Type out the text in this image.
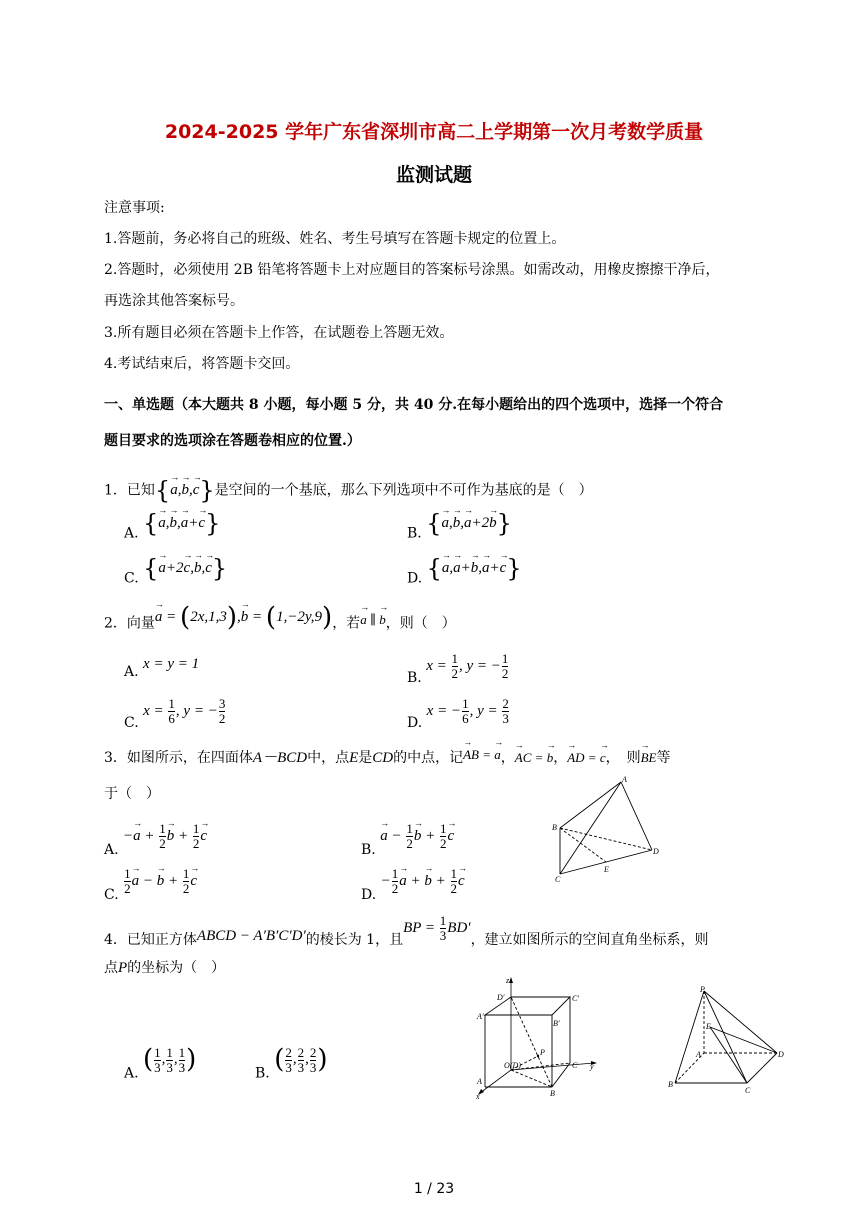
2024-2025 学年广东省深圳市高二上学期第一次月考数学质量
监测试题
注意事项:
1.答题前，务必将自己的班级、姓名、考生号填写在答题卡规定的位置上。
2.答题时，必须使用 2B 铅笔将答题卡上对应题目的答案标号涂黑。如需改动，用橡皮擦擦干净后，
再选涂其他答案标号。
3.所有题目必须在答题卡上作答，在试题卷上答题无效。
4.考试结束后，将答题卡交回。
一、单选题（本大题共 8 小题，每小题 5 分，共 40 分.在每小题给出的四个选项中，选择一个符合
题目要求的选项涂在答题卷相应的位置.）
1．已知{→ a,→ b,→ c}是空间的一个基底，那么下列选项中不可作为基底的是（　）
A. {→ a,→ b,→ a+→ c}	B. {→ a,→ b,→ a+2→ b}
C. {→ a+2→ c,→ b,→ c}	D. {→ a,→ a+→ b,→ a+→ c}
2．向量→ a = (2x,1,3),→ b = (1,−2y,9)，若→ a ∥ → b，则（　）
A. x = y = 1
B. $x = \frac{1}{2}$ , y = − $\frac{1}{2}$
C. $x = \frac{1}{6}$ , y = − $\frac{3}{2}$	D. x = − $\frac{1}{6}$ , $y = \frac{2}{3}$
3．如图所示，在四面体A－BCD中，点E是CD的中点，记→ AB = → a，→ AC = → b，→ AD = → c，　则→ BE等
于（　）
A. −→ $a + \frac{1}{2}$
→ $b + \frac{1}{2}$
→ c
B. → $a - \frac{1}{2}$
→ $b + \frac{1}{2}$
→ c
C. $\frac{1}{2}$
→ a − → $b + \frac{1}{2}$
→ c
D. − $\frac{1}{2}$
→ a + → $b + \frac{1}{2}$
→ c
A
B
C
D
E
4．已知正方体ABCD − A′B′C′D′的棱长为 1，且BP = $\frac{1}{3} BD'$，建立如图所示的空间直角坐标系，则
点P的坐标为（　）
A. ( $\frac{1}{3}$ , $\frac{1}{3}$ , $\frac{1}{3}$ )	B. ( $\frac{2}{3}$ , $\frac{2}{3}$ , $\frac{2}{3}$ )
z
D′	C′
A′
B′
P
O(D)	C y
A
B
x
P
E
A	D
B
C
1 / 23
